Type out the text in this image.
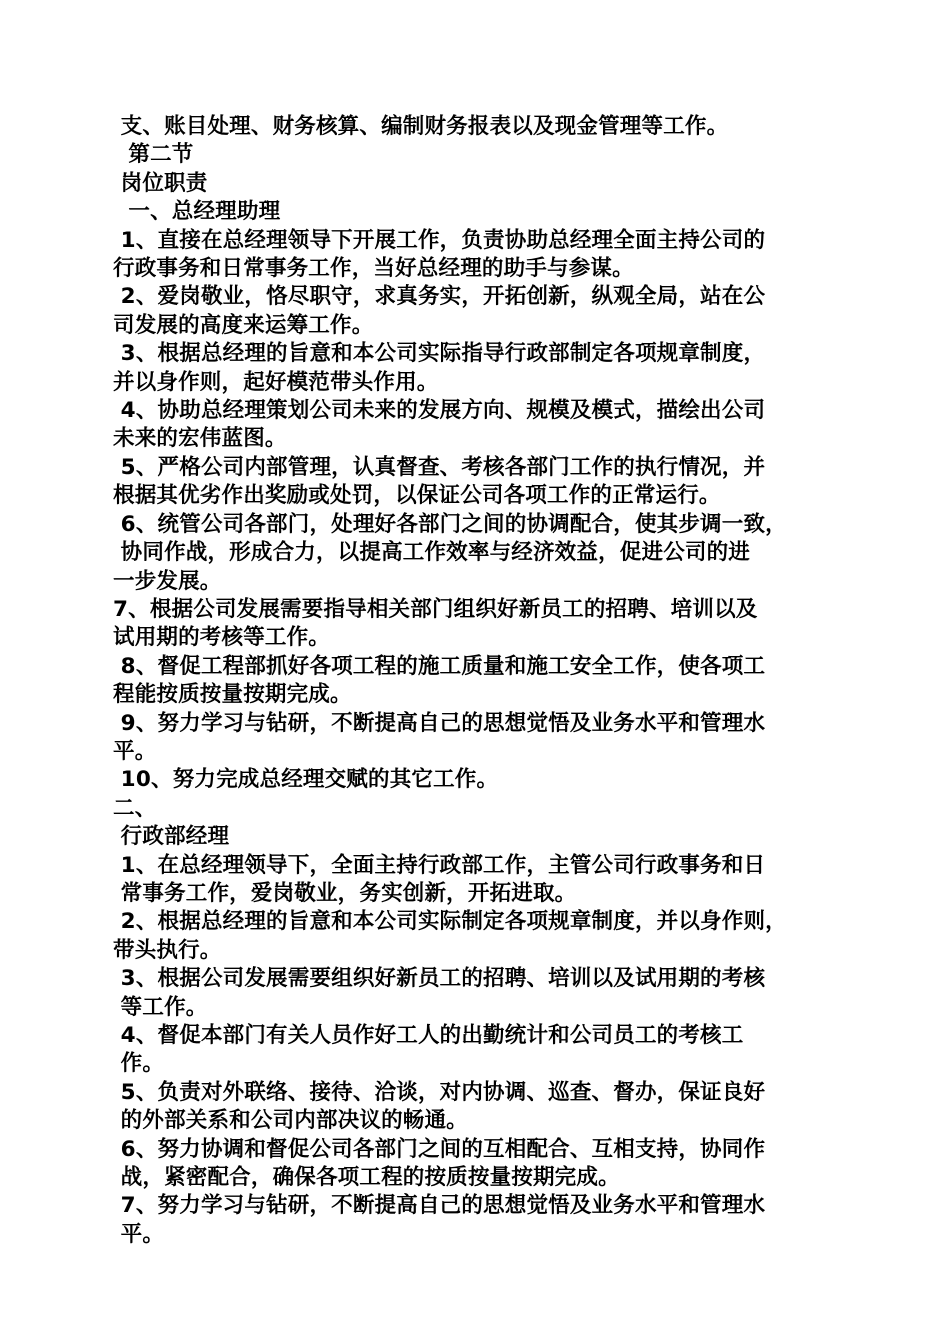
支、账目处理、财务核算、编制财务报表以及现金管理等工作。
第二节
岗位职责
一、总经理助理
1、直接在总经理领导下开展工作，负责协助总经理全面主持公司的
行政事务和日常事务工作，当好总经理的助手与参谋。
2、爱岗敬业，恪尽职守，求真务实，开拓创新，纵观全局，站在公
司发展的高度来运筹工作。
3、根据总经理的旨意和本公司实际指导行政部制定各项规章制度，
并以身作则，起好模范带头作用。
4、协助总经理策划公司未来的发展方向、规模及模式，描绘出公司
未来的宏伟蓝图。
5、严格公司内部管理，认真督查、考核各部门工作的执行情况，并
根据其优劣作出奖励或处罚，以保证公司各项工作的正常运行。
6、统管公司各部门，处理好各部门之间的协调配合，使其步调一致，
协同作战，形成合力，以提高工作效率与经济效益，促进公司的进
一步发展。
7、根据公司发展需要指导相关部门组织好新员工的招聘、培训以及
试用期的考核等工作。
8、督促工程部抓好各项工程的施工质量和施工安全工作，使各项工
程能按质按量按期完成。
9、努力学习与钻研，不断提高自己的思想觉悟及业务水平和管理水
平。
10、努力完成总经理交赋的其它工作。
二、
行政部经理
1、在总经理领导下，全面主持行政部工作，主管公司行政事务和日
常事务工作，爱岗敬业，务实创新，开拓进取。
2、根据总经理的旨意和本公司实际制定各项规章制度，并以身作则，
带头执行。
3、根据公司发展需要组织好新员工的招聘、培训以及试用期的考核
等工作。
4、督促本部门有关人员作好工人的出勤统计和公司员工的考核工
作。
5、负责对外联络、接待、洽谈，对内协调、巡查、督办，保证良好
的外部关系和公司内部决议的畅通。
6、努力协调和督促公司各部门之间的互相配合、互相支持，协同作
战，紧密配合，确保各项工程的按质按量按期完成。
7、努力学习与钻研，不断提高自己的思想觉悟及业务水平和管理水
平。
